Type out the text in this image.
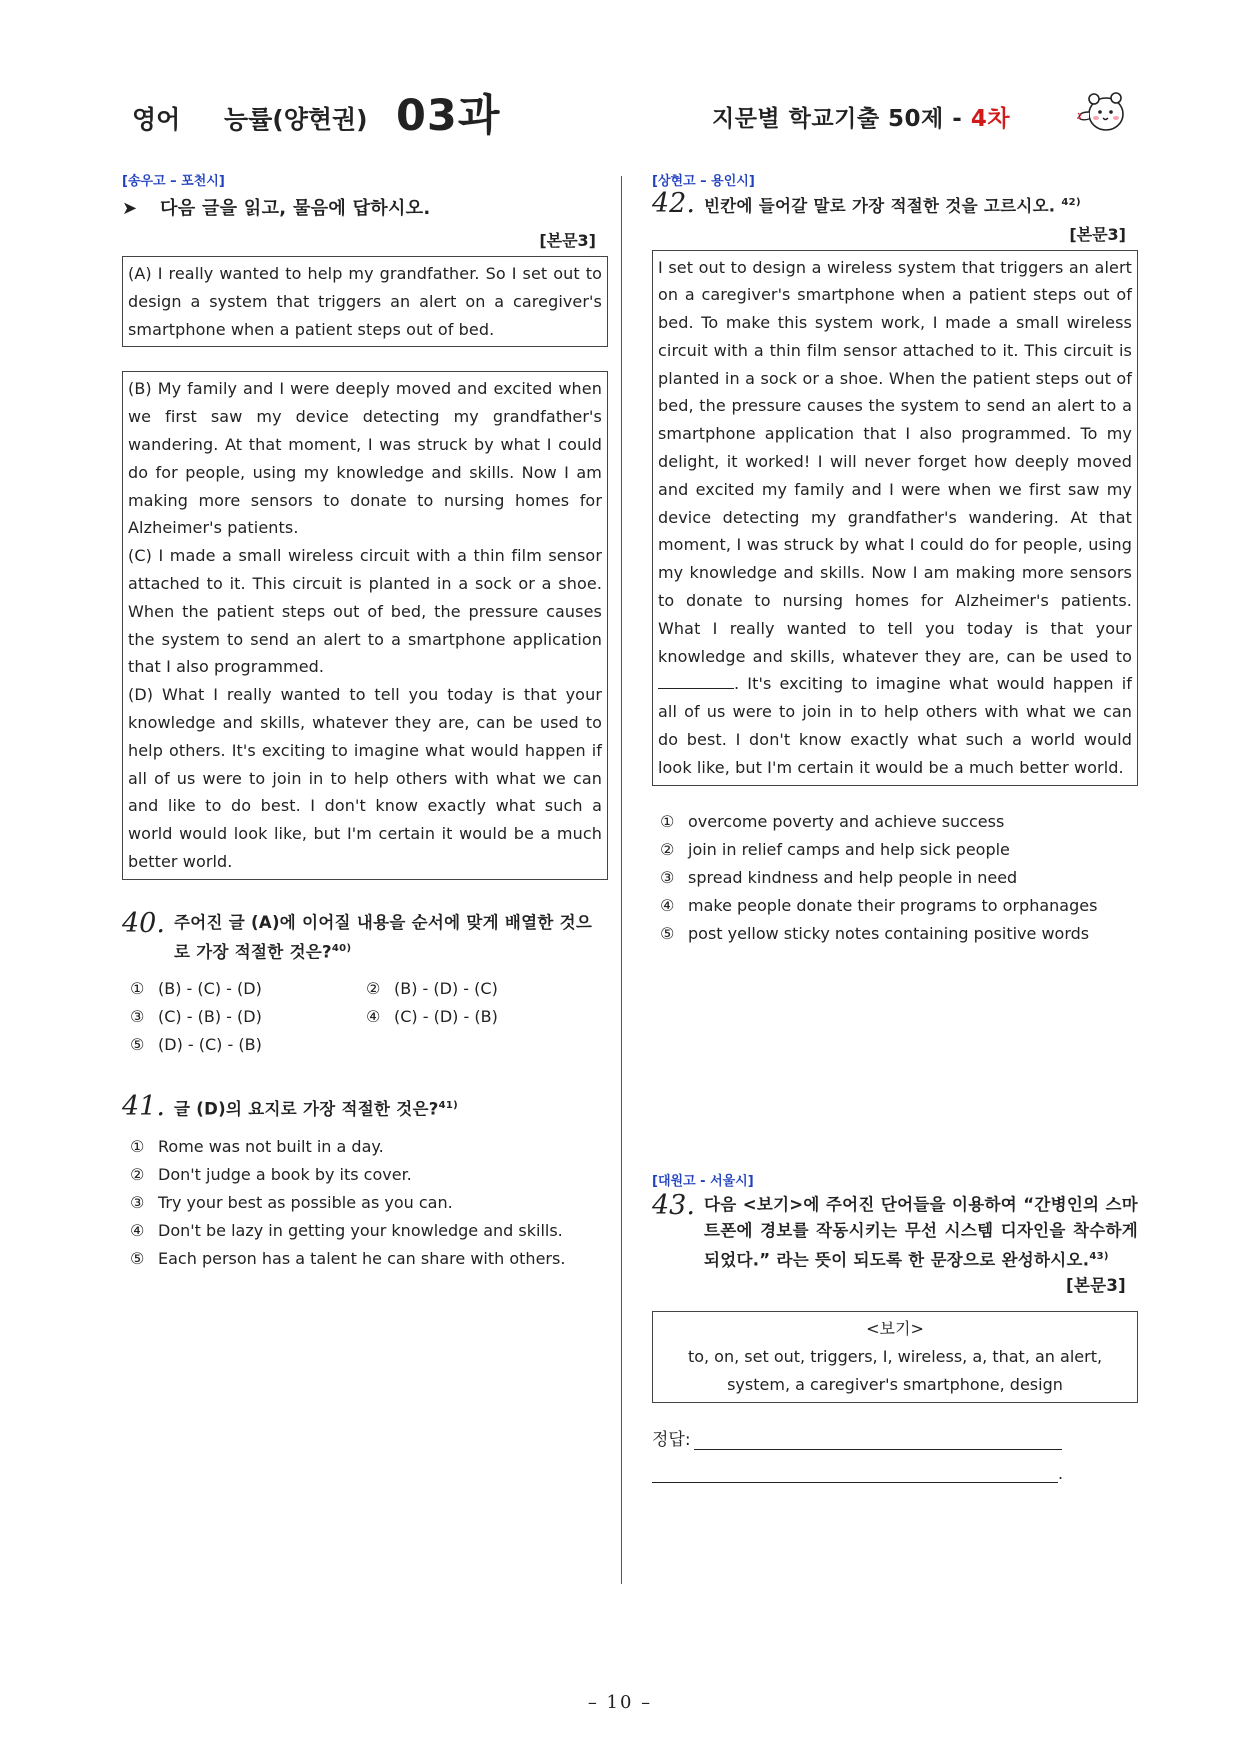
영어 능률(양현권) 03과	지문별 학교기출 50제 - 4차
[송우고 – 포천시]
➤ 다음 글을 읽고, 물음에 답하시오.
[본문3]
(A) I really wanted to help my grandfather. So I set out to design a system that triggers an alert on a caregiver's smartphone when a patient steps out of bed.
(B) My family and I were deeply moved and excited when we first saw my device detecting my grandfather's wandering. At that moment, I was struck by what I could do for people, using my knowledge and skills. Now I am making more sensors to donate to nursing homes for Alzheimer's patients.
(C) I made a small wireless circuit with a thin film sensor attached to it. This circuit is planted in a sock or a shoe. When the patient steps out of bed, the pressure causes the system to send an alert to a smartphone application that I also programmed.
(D) What I really wanted to tell you today is that your knowledge and skills, whatever they are, can be used to help others. It's exciting to imagine what would happen if all of us were to join in to help others with what we can and like to do best. I don't know exactly what such a world would look like, but I'm certain it would be a much better world.
40. 주어진 글 (A)에 이어질 내용을 순서에 맞게 배열한 것으로 가장 적절한 것은?$^{40)}$
① (B) - (C) - (D)	② (B) - (D) - (C)
③ (C) - (B) - (D)	④ (C) - (D) - (B)
⑤ (D) - (C) - (B)
41. 글 (D)의 요지로 가장 적절한 것은?$^{41)}$
① Rome was not built in a day.
② Don't judge a book by its cover.
③ Try your best as possible as you can.
④ Don't be lazy in getting your knowledge and skills.
⑤ Each person has a talent he can share with others.
[상현고 – 용인시]
42. 빈칸에 들어갈 말로 가장 적절한 것을 고르시오. $^{42)}$
[본문3]
I set out to design a wireless system that triggers an alert on a caregiver's smartphone when a patient steps out of bed. To make this system work, I made a small wireless circuit with a thin film sensor attached to it. This circuit is planted in a sock or a shoe. When the patient steps out of bed, the pressure causes the system to send an alert to a smartphone application that I also programmed. To my delight, it worked! I will never forget how deeply moved and excited my family and I were when we first saw my device detecting my grandfather's wandering. At that moment, I was struck by what I could do for people, using my knowledge and skills. Now I am making more sensors to donate to nursing homes for Alzheimer's patients. What I really wanted to tell you today is that your knowledge and skills, whatever they are, can be used to . It's exciting to imagine what would happen if all of us were to join in to help others with what we can do best. I don't know exactly what such a world would look like, but I'm certain it would be a much better world.
① overcome poverty and achieve success
② join in relief camps and help sick people
③ spread kindness and help people in need
④ make people donate their programs to orphanages
⑤ post yellow sticky notes containing positive words
[대원고 - 서울시]
43. 다음 <보기>에 주어진 단어들을 이용하여 “간병인의 스마트폰에 경보를 작동시키는 무선 시스템 디자인을 착수하게 되었다.” 라는 뜻이 되도록 한 문장으로 완성하시오.$^{43)}$
[본문3]
<보기>
to, on, set out, triggers, I, wireless, a, that, an alert, system, a caregiver's smartphone, design
정답:
.
– 10 –
